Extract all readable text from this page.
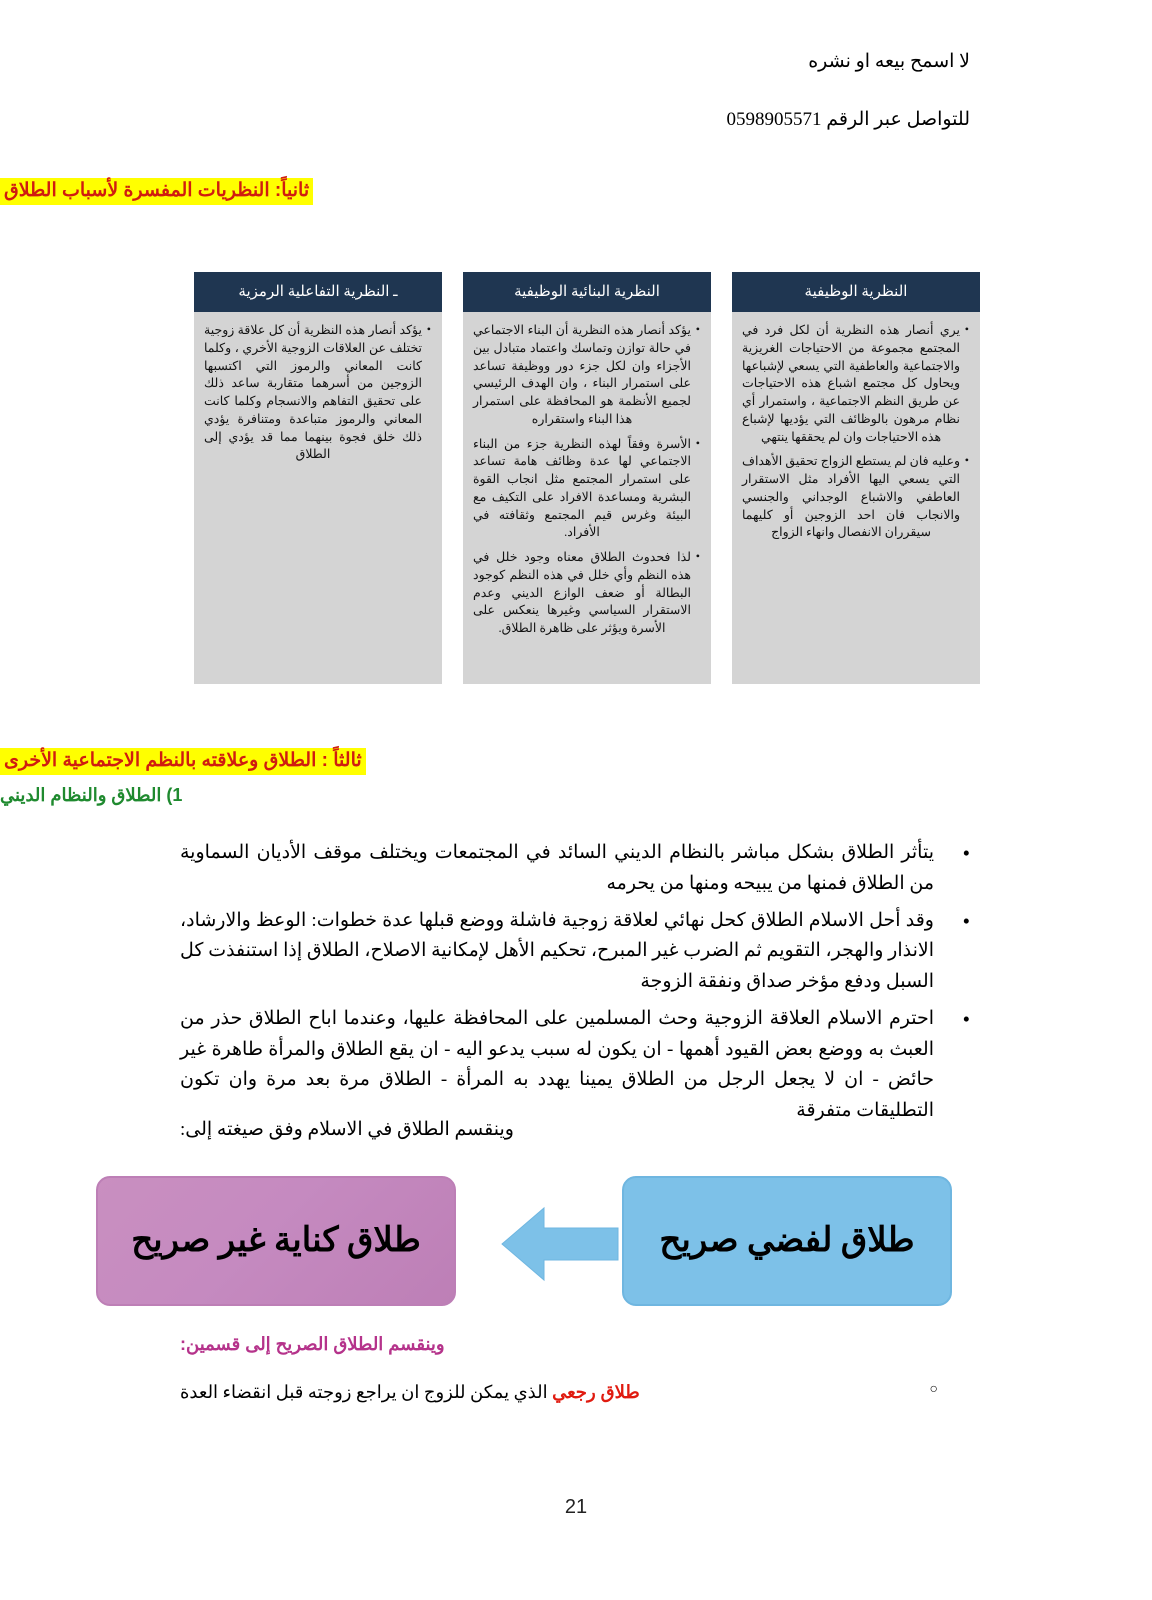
لا اسمح بيعه او نشره

للتواصل عبر الرقم 0598905571

ثانياً: النظريات المفسرة لأسباب الطلاق
النظرية الوظيفية

• يري أنصار هذه النظرية أن لكل فرد في المجتمع مجموعة من الاحتياجات الغريزية والاجتماعية والعاطفية التي يسعي لإشباعها ويحاول كل مجتمع اشباع هذه الاحتياجات عن طريق النظم الاجتماعية ، واستمرار أي نظام مرهون بالوظائف التي يؤديها لإشباع هذه الاحتياجات وان لم يحققها ينتهي

• وعليه فان لم يستطع الزواج تحقيق الأهداف التي يسعي اليها الأفراد مثل الاستقرار العاطفي والاشباع الوجداني والجنسي والانجاب فان احد الزوجين أو كليهما سيقرران الانفصال وانهاء الزواج

النظرية البنائية الوظيفية

• يؤكد أنصار هذه النظرية أن البناء الاجتماعي في حالة توازن وتماسك واعتماد متبادل بين الأجزاء وان لكل جزء دور ووظيفة تساعد على استمرار البناء ، وان الهدف الرئيسي لجميع الأنظمة هو المحافظة على استمرار هذا البناء واستقراره

• الأسرة وفقاً لهذه النظرية جزء من البناء الاجتماعي لها عدة وظائف هامة تساعد على استمرار المجتمع مثل انجاب القوة البشرية ومساعدة الافراد على التكيف مع البيئة وغرس قيم المجتمع وثقافته في الأفراد.

• لذا فحدوث الطلاق معناه وجود خلل في هذه النظم وأي خلل في هذه النظم كوجود البطالة أو ضعف الوازع الديني وعدم الاستقرار السياسي وغيرها ينعكس على الأسرة ويؤثر على ظاهرة الطلاق.

ـ النظرية التفاعلية الرمزية

• يؤكد أنصار هذه النظرية أن كل علاقة زوجية تختلف عن العلاقات الزوجية الأخري ، وكلما كانت المعاني والرموز التي اكتسبها الزوجين من أسرهما متقاربة ساعد ذلك على تحقيق التفاهم والانسجام وكلما كانت المعاني والرموز متباعدة ومتنافرة يؤدي ذلك خلق فجوة بينهما مما قد يؤدي إلى الطلاق

ثالثاً : الطلاق وعلاقته بالنظم الاجتماعية الأخرى
1) الطلاق والنظام الديني
• يتأثر الطلاق بشكل مباشر بالنظام الديني السائد في المجتمعات ويختلف موقف الأديان السماوية من الطلاق فمنها من يبيحه ومنها من يحرمه
• وقد أحل الاسلام الطلاق كحل نهائي لعلاقة زوجية فاشلة ووضع قبلها عدة خطوات: الوعظ والارشاد، الانذار والهجر، التقويم ثم الضرب غير المبرح، تحكيم الأهل لإمكانية الاصلاح، الطلاق إذا استنفذت كل السبل ودفع مؤخر صداق ونفقة الزوجة
• احترم الاسلام العلاقة الزوجية وحث المسلمين على المحافظة عليها، وعندما اباح الطلاق حذر من العبث به ووضع بعض القيود أهمها - ان يكون له سبب يدعو اليه - ان يقع الطلاق والمرأة طاهرة غير حائض - ان لا يجعل الرجل من الطلاق يمينا يهدد به المرأة - الطلاق مرة بعد مرة وان تكون التطليقات متفرقة
وينقسم الطلاق في الاسلام وفق صيغته إلى:
طلاق لفضي صريح
طلاق كناية غير صريح
وينقسم الطلاق الصريح إلى قسمين:
○ طلاق رجعي الذي يمكن للزوج ان يراجع زوجته قبل انقضاء العدة
21
